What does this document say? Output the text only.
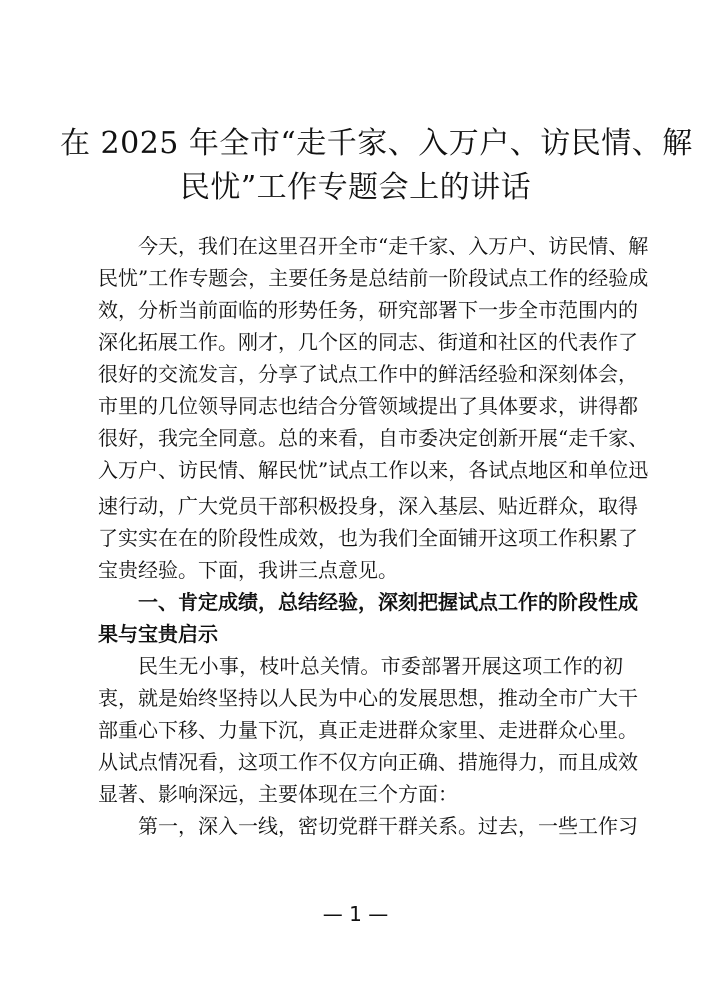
在 2025 年全市“走千家、入万户、访民情、解
民忧”工作专题会上的讲话
今天，我们在这里召开全市“走千家、入万户、访民情、解
民忧”工作专题会，主要任务是总结前一阶段试点工作的经验成
效，分析当前面临的形势任务，研究部署下一步全市范围内的
深化拓展工作。刚才，几个区的同志、街道和社区的代表作了
很好的交流发言，分享了试点工作中的鲜活经验和深刻体会，
市里的几位领导同志也结合分管领域提出了具体要求，讲得都
很好，我完全同意。总的来看，自市委决定创新开展“走千家、
入万户、访民情、解民忧”试点工作以来，各试点地区和单位迅
速行动，广大党员干部积极投身，深入基层、贴近群众，取得
了实实在在的阶段性成效，也为我们全面铺开这项工作积累了
宝贵经验。下面，我讲三点意见。
一、肯定成绩，总结经验，深刻把握试点工作的阶段性成
果与宝贵启示
民生无小事，枝叶总关情。市委部署开展这项工作的初
衷，就是始终坚持以人民为中心的发展思想，推动全市广大干
部重心下移、力量下沉，真正走进群众家里、走进群众心里。
从试点情况看，这项工作不仅方向正确、措施得力，而且成效
显著、影响深远，主要体现在三个方面：
第一，深入一线，密切党群干群关系。过去，一些工作习
— 1 —
